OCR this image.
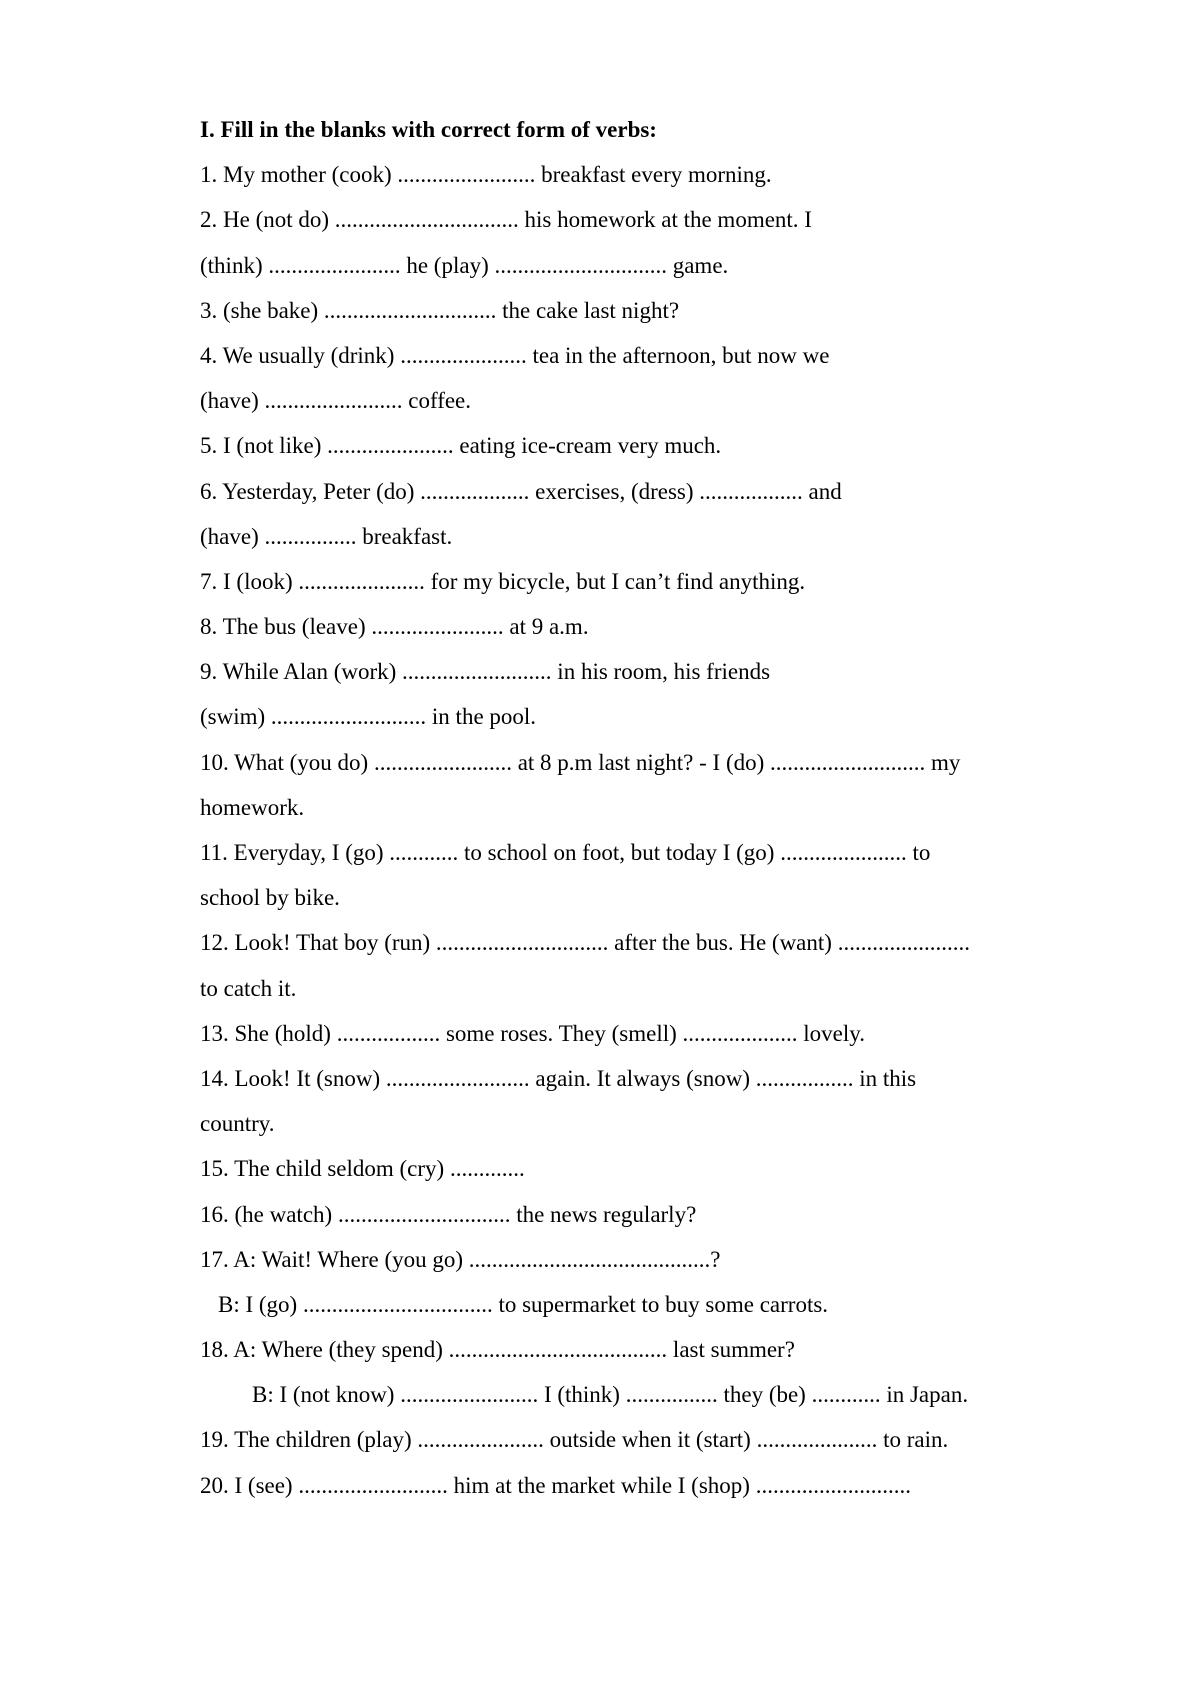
I. Fill in the blanks with correct form of verbs:
1. My mother (cook) ........................ breakfast every morning.
2. He (not do) ................................ his homework at the moment. I
(think) ....................... he (play) .............................. game.
3. (she bake) .............................. the cake last night?
4. We usually (drink) ...................... tea in the afternoon, but now we
(have) ........................ coffee.
5. I (not like) ...................... eating ice-cream very much.
6. Yesterday, Peter (do) ................... exercises, (dress) .................. and
(have) ................ breakfast.
7. I (look) ...................... for my bicycle, but I can’t find anything.
8. The bus (leave) ....................... at 9 a.m.
9. While Alan (work) .......................... in his room, his friends
(swim) ........................... in the pool.
10. What (you do) ........................ at 8 p.m last night? - I (do) ........................... my
homework.
11. Everyday, I (go) ............ to school on foot, but today I (go) ...................... to
school by bike.
12. Look! That boy (run) .............................. after the bus. He (want) .......................
to catch it.
13. She (hold) .................. some roses. They (smell) .................... lovely.
14. Look! It (snow) ......................... again. It always (snow) ................. in this
country.
15. The child seldom (cry) .............
16. (he watch) .............................. the news regularly?
17. A: Wait! Where (you go) ..........................................?
B: I (go) ................................. to supermarket to buy some carrots.
18. A: Where (they spend) ...................................... last summer?
B: I (not know) ........................ I (think) ................ they (be) ............ in Japan.
19. The children (play) ...................... outside when it (start) ..................... to rain.
20. I (see) .......................... him at the market while I (shop) ...........................
